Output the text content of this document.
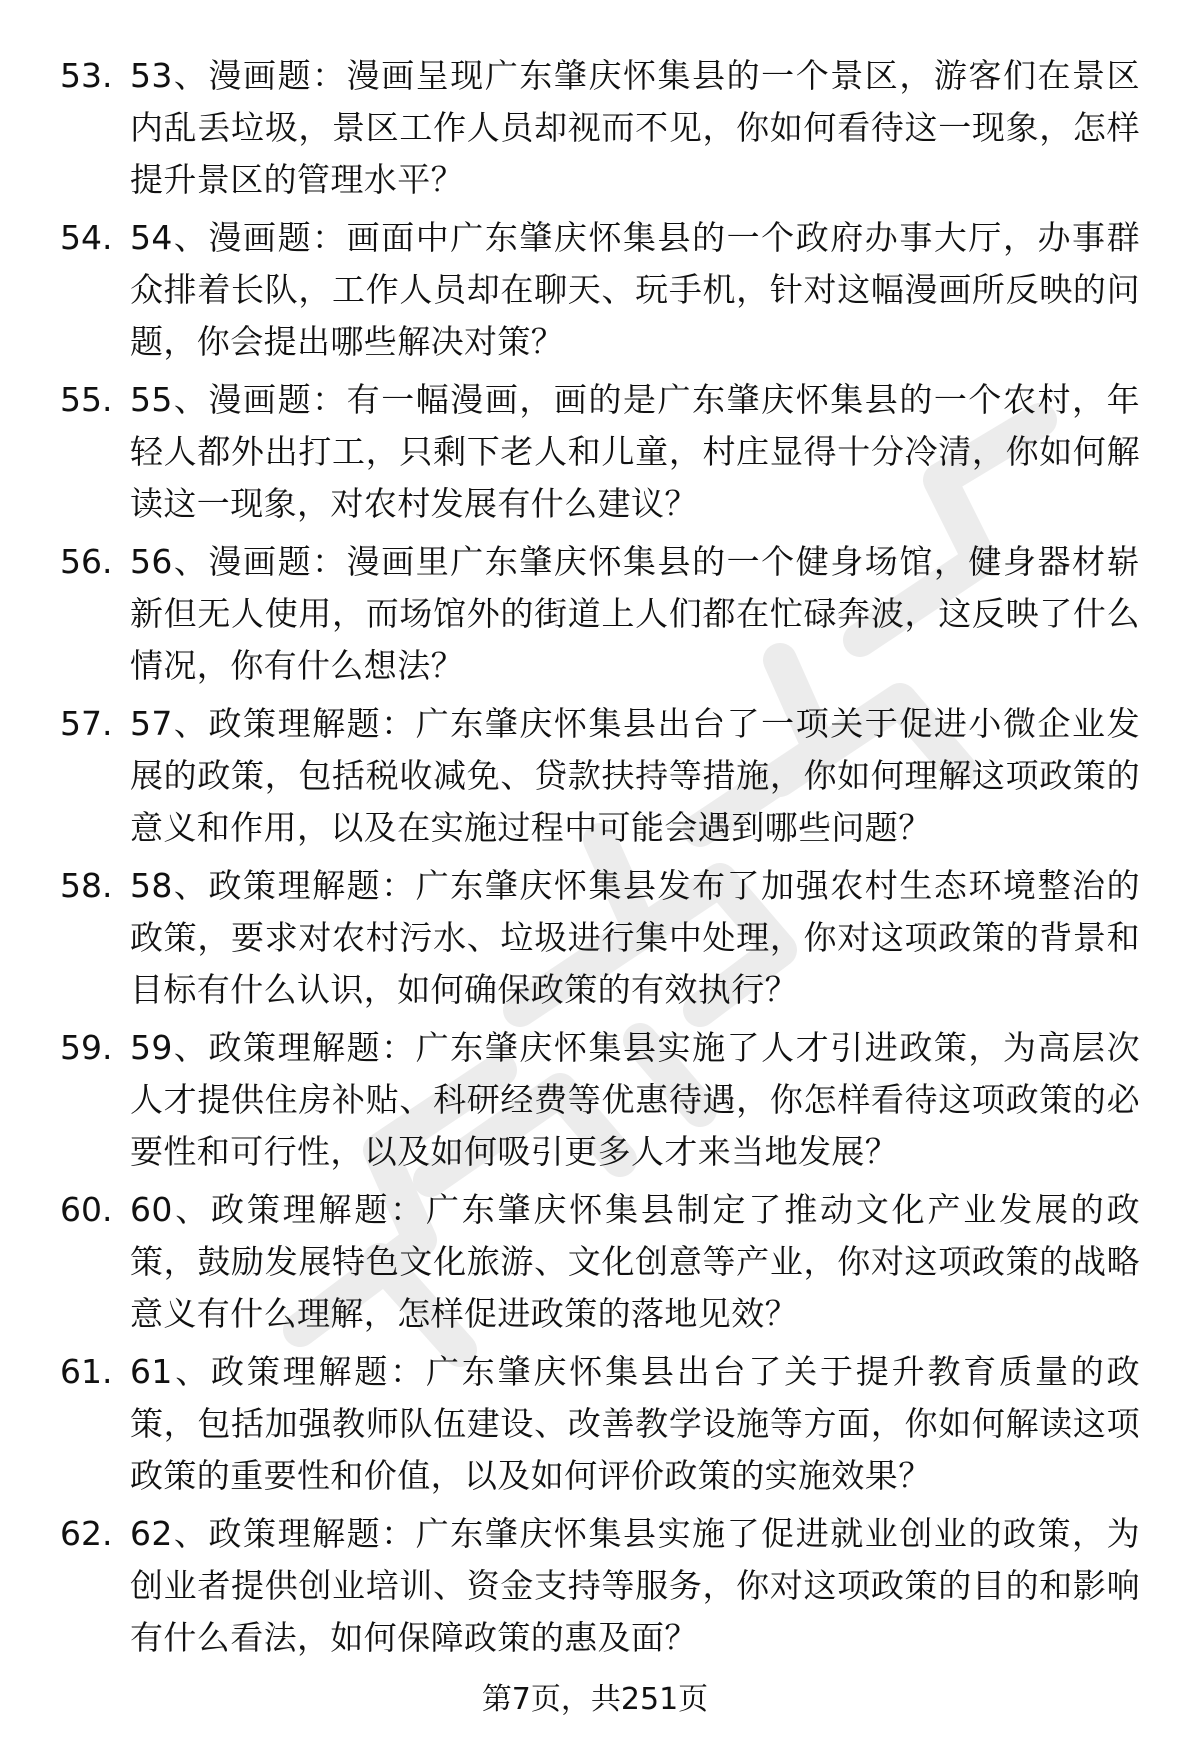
53. 53、漫画题：漫画呈现广东肇庆怀集县的一个景区，游客们在景区内乱丢垃圾，景区工作人员却视而不见，你如何看待这一现象，怎样提升景区的管理水平？
54. 54、漫画题：画面中广东肇庆怀集县的一个政府办事大厅，办事群众排着长队，工作人员却在聊天、玩手机，针对这幅漫画所反映的问题，你会提出哪些解决对策？
55. 55、漫画题：有一幅漫画，画的是广东肇庆怀集县的一个农村，年轻人都外出打工，只剩下老人和儿童，村庄显得十分冷清，你如何解读这一现象，对农村发展有什么建议？
56. 56、漫画题：漫画里广东肇庆怀集县的一个健身场馆，健身器材崭新但无人使用，而场馆外的街道上人们都在忙碌奔波，这反映了什么情况，你有什么想法？
57. 57、政策理解题：广东肇庆怀集县出台了一项关于促进小微企业发展的政策，包括税收减免、贷款扶持等措施，你如何理解这项政策的意义和作用，以及在实施过程中可能会遇到哪些问题？
58. 58、政策理解题：广东肇庆怀集县发布了加强农村生态环境整治的政策，要求对农村污水、垃圾进行集中处理，你对这项政策的背景和目标有什么认识，如何确保政策的有效执行？
59. 59、政策理解题：广东肇庆怀集县实施了人才引进政策，为高层次人才提供住房补贴、科研经费等优惠待遇，你怎样看待这项政策的必要性和可行性，以及如何吸引更多人才来当地发展？
60. 60、政策理解题：广东肇庆怀集县制定了推动文化产业发展的政策，鼓励发展特色文化旅游、文化创意等产业，你对这项政策的战略意义有什么理解，怎样促进政策的落地见效？
61. 61、政策理解题：广东肇庆怀集县出台了关于提升教育质量的政策，包括加强教师队伍建设、改善教学设施等方面，你如何解读这项政策的重要性和价值，以及如何评价政策的实施效果？
62. 62、政策理解题：广东肇庆怀集县实施了促进就业创业的政策，为创业者提供创业培训、资金支持等服务，你对这项政策的目的和影响有什么看法，如何保障政策的惠及面？
第7页，共251页
